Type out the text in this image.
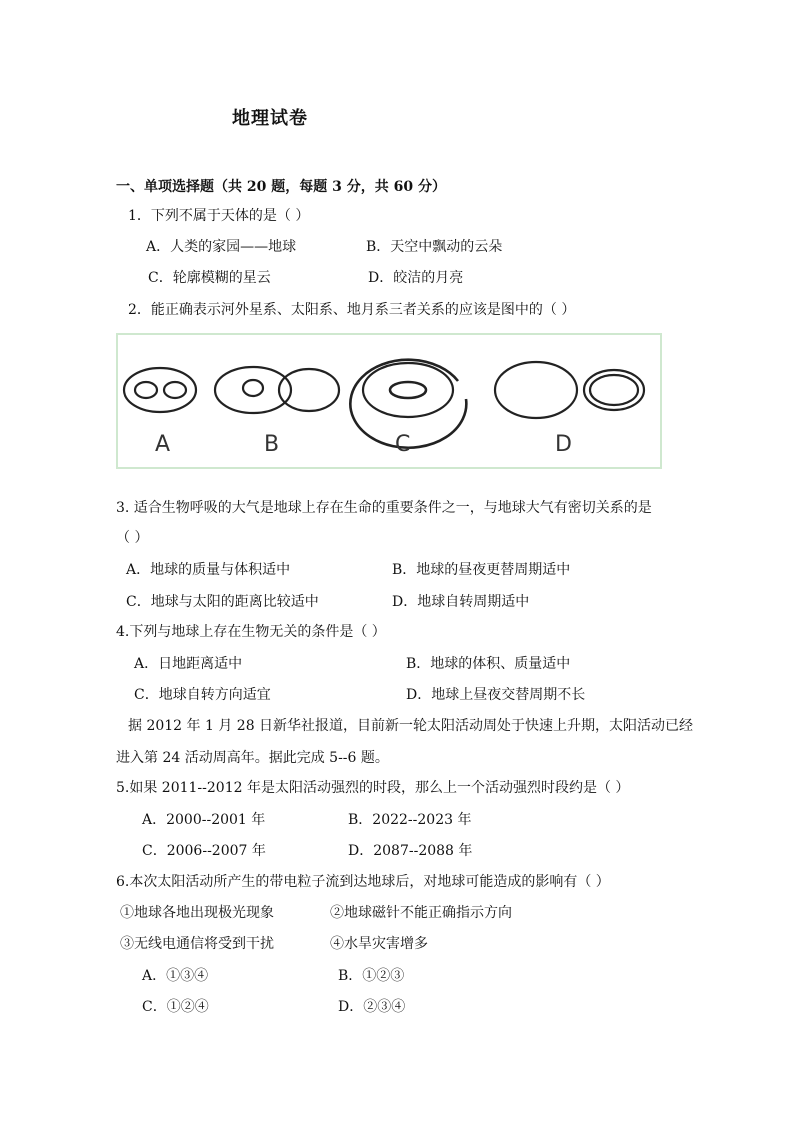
地理试卷
一、单项选择题（共 20 题，每题 3 分，共 60 分）
1．下列不属于天体的是（ ）
A．人类的家园——地球	B．天空中飘动的云朵
C．轮廓模糊的星云	D．皎洁的月亮
2．能正确表示河外星系、太阳系、地月系三者关系的应该是图中的（ ）
A	B	C	D
3. 适合生物呼吸的大气是地球上存在生命的重要条件之一，与地球大气有密切关系的是
（ ）
A．地球的质量与体积适中	B．地球的昼夜更替周期适中
C．地球与太阳的距离比较适中	D．地球自转周期适中
4.下列与地球上存在生物无关的条件是（ ）
A．日地距离适中	B．地球的体积、质量适中
C．地球自转方向适宜	D．地球上昼夜交替周期不长
据 2012 年 1 月 28 日新华社报道，目前新一轮太阳活动周处于快速上升期，太阳活动已经
进入第 24 活动周高年。据此完成 5--6 题。
5.如果 2011--2012 年是太阳活动强烈的时段，那么上一个活动强烈时段约是（ ）
A．2000--2001 年	B．2022--2023 年
C．2006--2007 年	D．2087--2088 年
6.本次太阳活动所产生的带电粒子流到达地球后，对地球可能造成的影响有（ ）
①地球各地出现极光现象	②地球磁针不能正确指示方向
③无线电通信将受到干扰	④水旱灾害增多
A．①③④	B．①②③
C．①②④	D．②③④
